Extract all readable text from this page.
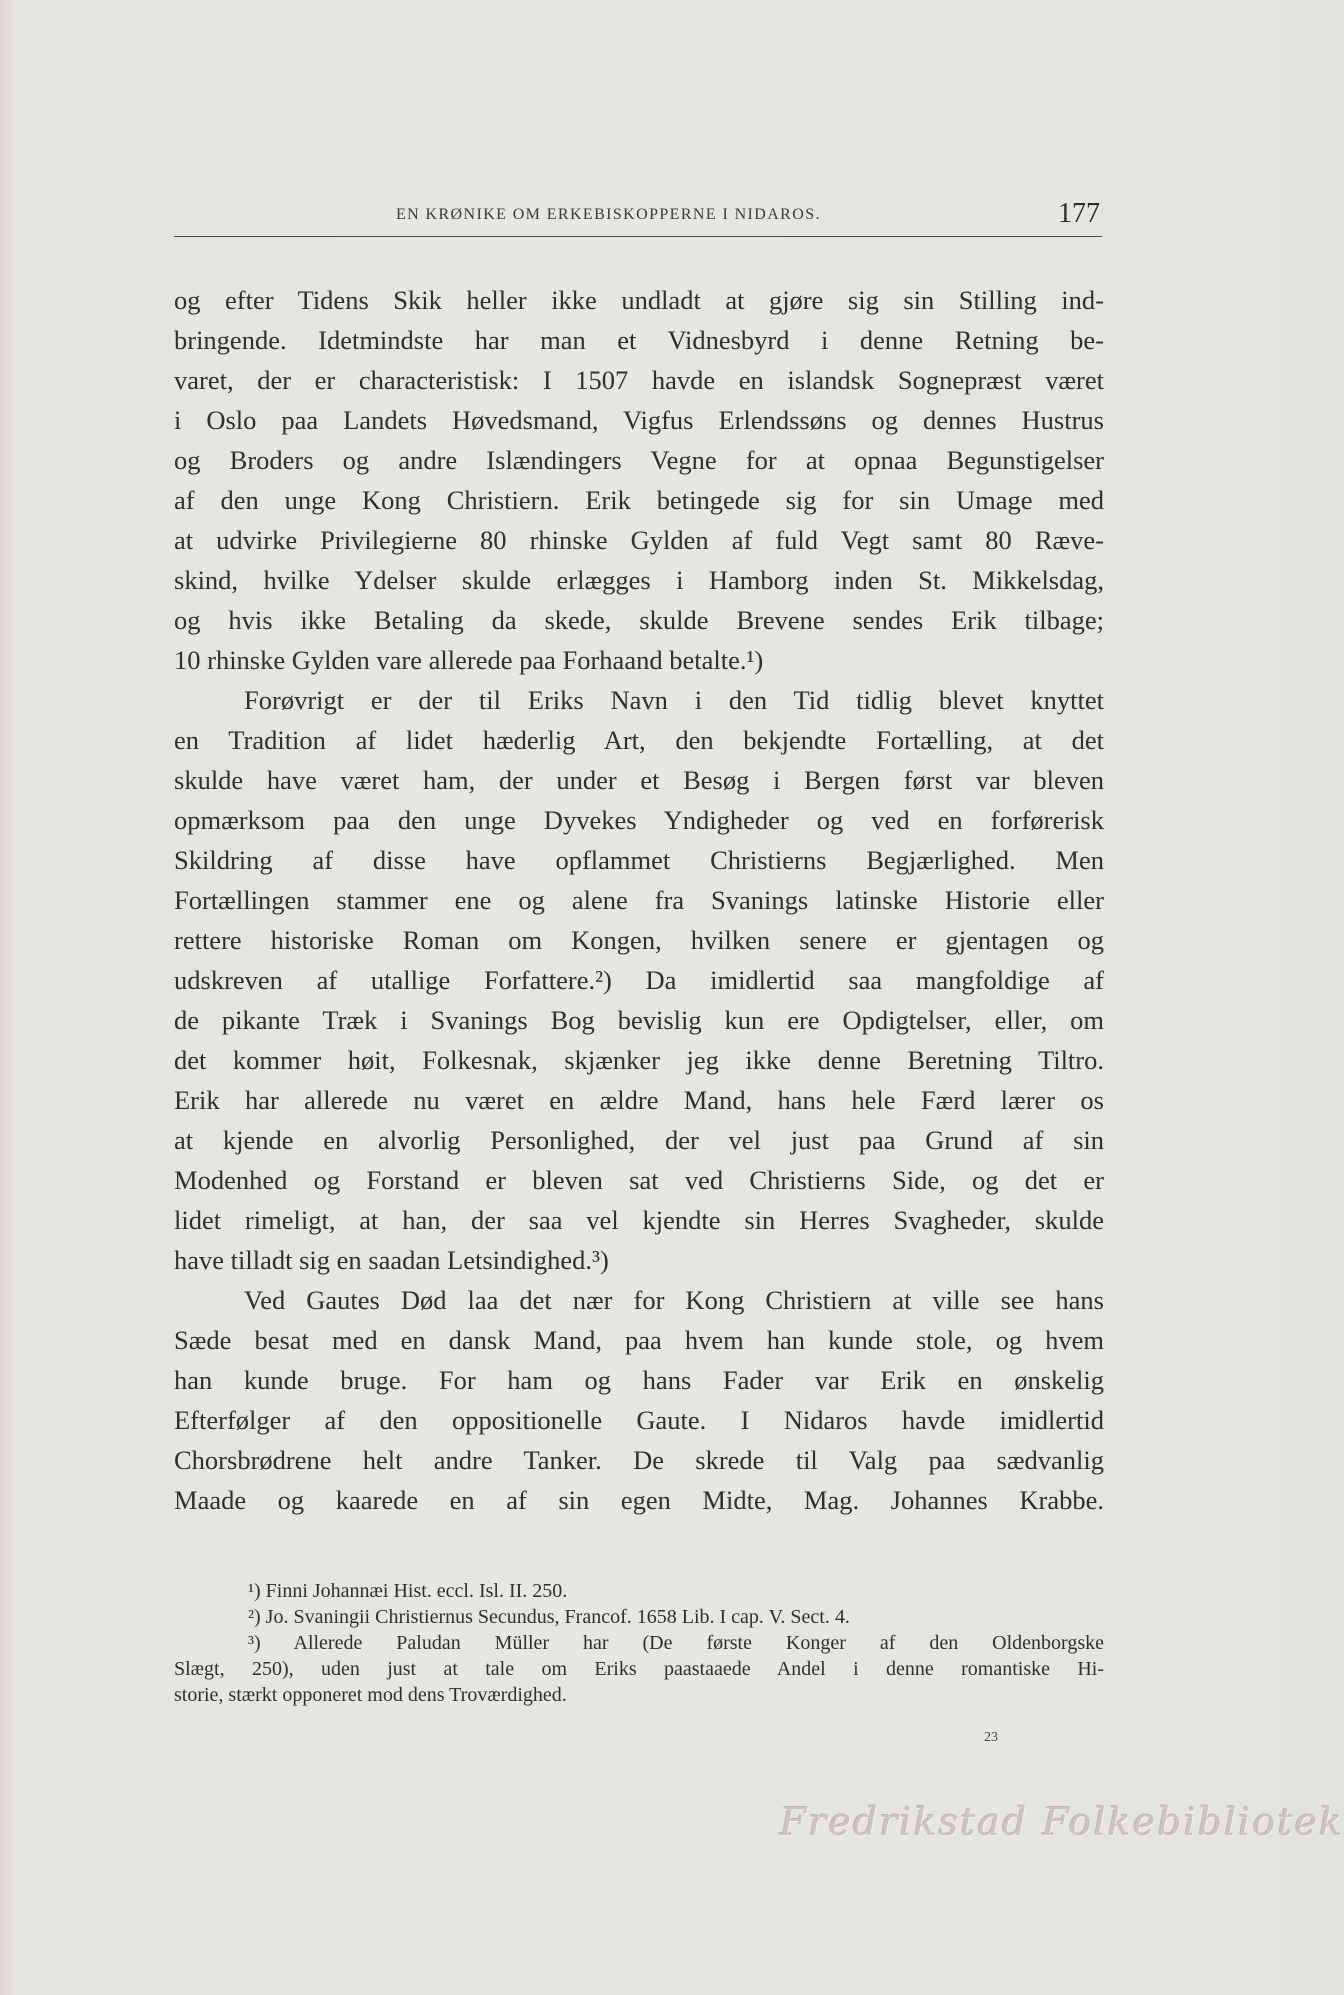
EN KRØNIKE OM ERKEBISKOPPERNE I NIDAROS.	177
og efter Tidens Skik heller ikke undladt at gjøre sig sin Stilling ind-
bringende. Idetmindste har man et Vidnesbyrd i denne Retning be-
varet, der er characteristisk: I 1507 havde en islandsk Sognepræst været
i Oslo paa Landets Høvedsmand, Vigfus Erlendssøns og dennes Hustrus
og Broders og andre Islændingers Vegne for at opnaa Begunstigelser
af den unge Kong Christiern. Erik betingede sig for sin Umage med
at udvirke Privilegierne 80 rhinske Gylden af fuld Vegt samt 80 Ræve-
skind, hvilke Ydelser skulde erlægges i Hamborg inden St. Mikkelsdag,
og hvis ikke Betaling da skede, skulde Brevene sendes Erik tilbage;
10 rhinske Gylden vare allerede paa Forhaand betalte.¹)
Forøvrigt er der til Eriks Navn i den Tid tidlig blevet knyttet
en Tradition af lidet hæderlig Art, den bekjendte Fortælling, at det
skulde have været ham, der under et Besøg i Bergen først var bleven
opmærksom paa den unge Dyvekes Yndigheder og ved en forførerisk
Skildring af disse have opflammet Christierns Begjærlighed. Men
Fortællingen stammer ene og alene fra Svanings latinske Historie eller
rettere historiske Roman om Kongen, hvilken senere er gjentagen og
udskreven af utallige Forfattere.²) Da imidlertid saa mangfoldige af
de pikante Træk i Svanings Bog bevislig kun ere Opdigtelser, eller, om
det kommer høit, Folkesnak, skjænker jeg ikke denne Beretning Tiltro.
Erik har allerede nu været en ældre Mand, hans hele Færd lærer os
at kjende en alvorlig Personlighed, der vel just paa Grund af sin
Modenhed og Forstand er bleven sat ved Christierns Side, og det er
lidet rimeligt, at han, der saa vel kjendte sin Herres Svagheder, skulde
have tilladt sig en saadan Letsindighed.³)
Ved Gautes Død laa det nær for Kong Christiern at ville see hans
Sæde besat med en dansk Mand, paa hvem han kunde stole, og hvem
han kunde bruge. For ham og hans Fader var Erik en ønskelig
Efterfølger af den oppositionelle Gaute. I Nidaros havde imidlertid
Chorsbrødrene helt andre Tanker. De skrede til Valg paa sædvanlig
Maade og kaarede en af sin egen Midte, Mag. Johannes Krabbe.
¹) Finni Johannæi Hist. eccl. Isl. II. 250.
²) Jo. Svaningii Christiernus Secundus, Francof. 1658 Lib. I cap. V. Sect. 4.
³) Allerede Paludan Müller har (De første Konger af den Oldenborgske
Slægt, 250), uden just at tale om Eriks paastaaede Andel i denne romantiske Hi-
storie, stærkt opponeret mod dens Troværdighed.
23
Fredrikstad Folkebibliotek
